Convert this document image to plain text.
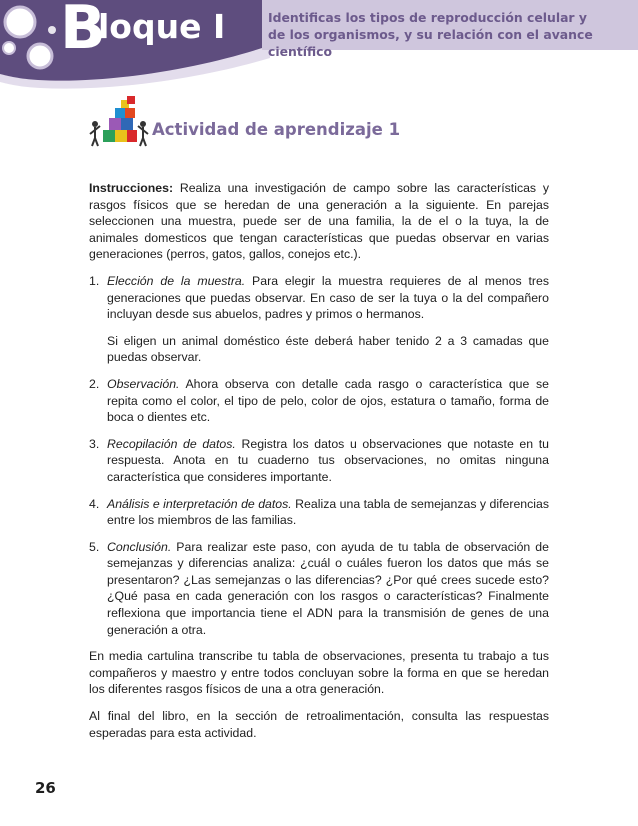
B
loque I	Identificas los tipos de reproducción celular y de los organismos, y su relación con el avance científico
Actividad de aprendizaje 1

Instrucciones: Realiza una investigación de campo sobre las características y rasgos físicos que se heredan de una generación a la siguiente. En parejas seleccionen una muestra, puede ser de una familia, la de el o la tuya, la de animales domesticos que tengan características que puedas observar en varias generaciones (perros, gatos, gallos, conejos etc.).

1. Elección de la muestra. Para elegir la muestra requieres de al menos tres generaciones que puedas observar. En caso de ser la tuya o la del compañero incluyan desde sus abuelos, padres y primos o hermanos.

Si eligen un animal doméstico éste deberá haber tenido 2 a 3 camadas que puedas observar.

2. Observación. Ahora observa con detalle cada rasgo o característica que se repita como el color, el tipo de pelo, color de ojos, estatura o tamaño, forma de boca o dientes etc.

3. Recopilación de datos. Registra los datos u observaciones que notaste en tu respuesta. Anota en tu cuaderno tus observaciones, no omitas ninguna característica que consideres importante.

4. Análisis e interpretación de datos. Realiza una tabla de semejanzas y diferencias entre los miembros de las familias.

5. Conclusión. Para realizar este paso, con ayuda de tu tabla de observación de semejanzas y diferencias analiza: ¿cuál o cuáles fueron los datos que más se presentaron? ¿Las semejanzas o las diferencias? ¿Por qué crees sucede esto?¿Qué pasa en cada generación con los rasgos o características? Finalmente reflexiona que importancia tiene el ADN para la transmisión de genes de una generación a otra.

En media cartulina transcribe tu tabla de observaciones, presenta tu trabajo a tus compañeros y maestro y entre todos concluyan sobre la forma en que se heredan los diferentes rasgos físicos de una a otra generación.

Al final del libro, en la sección de retroalimentación, consulta las respuestas esperadas para esta actividad.

26
